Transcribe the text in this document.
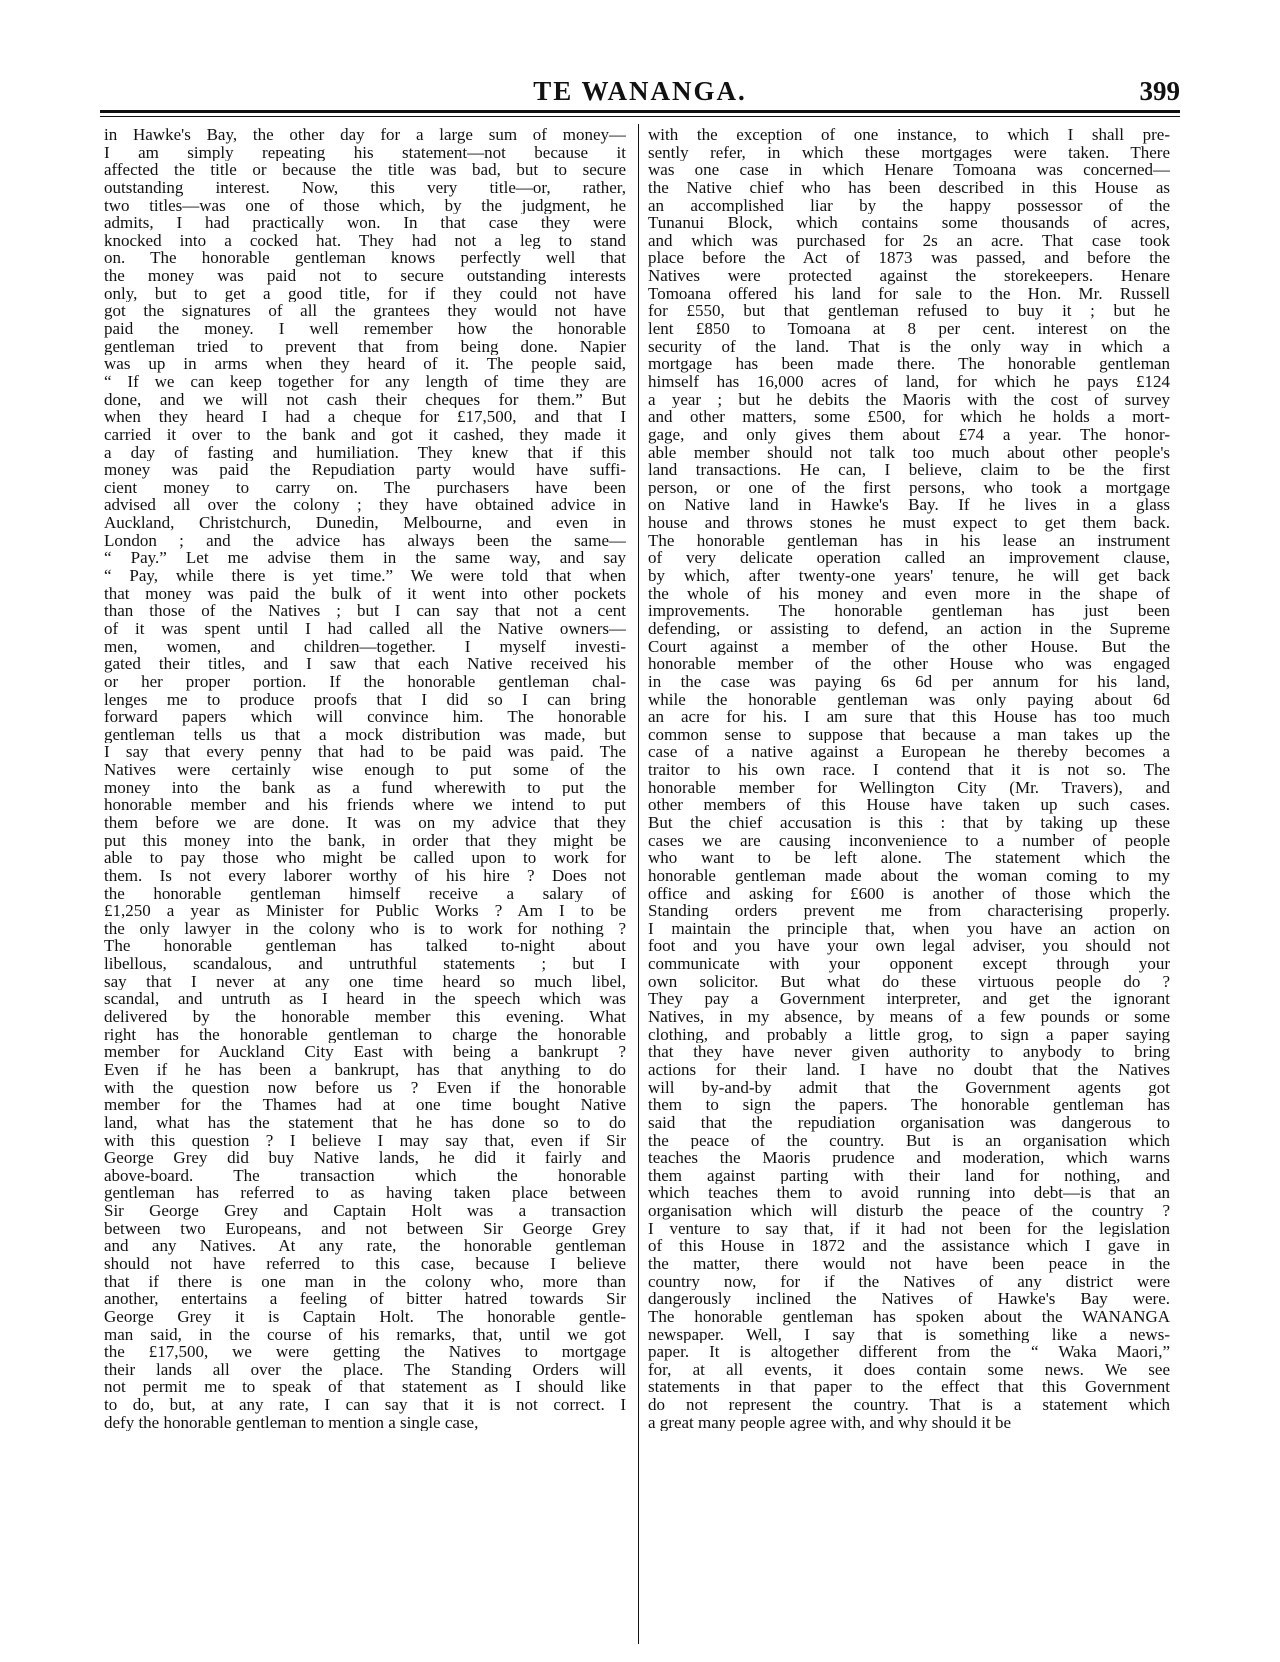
TE WANANGA.	399
in Hawke's Bay, the other day for a large sum of money—
I am simply repeating his statement—not because it
affected the title or because the title was bad, but to secure
outstanding interest. Now, this very title—or, rather,
two titles—was one of those which, by the judgment, he
admits, I had practically won. In that case they were
knocked into a cocked hat. They had not a leg to stand
on. The honorable gentleman knows perfectly well that
the money was paid not to secure outstanding interests
only, but to get a good title, for if they could not have
got the signatures of all the grantees they would not have
paid the money. I well remember how the honorable
gentleman tried to prevent that from being done. Napier
was up in arms when they heard of it. The people said,
“ If we can keep together for any length of time they are
done, and we will not cash their cheques for them.” But
when they heard I had a cheque for £17,500, and that I
carried it over to the bank and got it cashed, they made it
a day of fasting and humiliation. They knew that if this
money was paid the Repudiation party would have suffi-
cient money to carry on. The purchasers have been
advised all over the colony ; they have obtained advice in
Auckland, Christchurch, Dunedin, Melbourne, and even in
London ; and the advice has always been the same—
“ Pay.” Let me advise them in the same way, and say
“ Pay, while there is yet time.” We were told that when
that money was paid the bulk of it went into other pockets
than those of the Natives ; but I can say that not a cent
of it was spent until I had called all the Native owners—
men, women, and children—together. I myself investi-
gated their titles, and I saw that each Native received his
or her proper portion. If the honorable gentleman chal-
lenges me to produce proofs that I did so I can bring
forward papers which will convince him. The honorable
gentleman tells us that a mock distribution was made, but
I say that every penny that had to be paid was paid. The
Natives were certainly wise enough to put some of the
money into the bank as a fund wherewith to put the
honorable member and his friends where we intend to put
them before we are done. It was on my advice that they
put this money into the bank, in order that they might be
able to pay those who might be called upon to work for
them. Is not every laborer worthy of his hire ? Does not
the honorable gentleman himself receive a salary of
£1,250 a year as Minister for Public Works ? Am I to be
the only lawyer in the colony who is to work for nothing ?
The honorable gentleman has talked to-night about
libellous, scandalous, and untruthful statements ; but I
say that I never at any one time heard so much libel,
scandal, and untruth as I heard in the speech which was
delivered by the honorable member this evening. What
right has the honorable gentleman to charge the honorable
member for Auckland City East with being a bankrupt ?
Even if he has been a bankrupt, has that anything to do
with the question now before us ? Even if the honorable
member for the Thames had at one time bought Native
land, what has the statement that he has done so to do
with this question ? I believe I may say that, even if Sir
George Grey did buy Native lands, he did it fairly and
above-board. The transaction which the honorable
gentleman has referred to as having taken place between
Sir George Grey and Captain Holt was a transaction
between two Europeans, and not between Sir George Grey
and any Natives. At any rate, the honorable gentleman
should not have referred to this case, because I believe
that if there is one man in the colony who, more than
another, entertains a feeling of bitter hatred towards Sir
George Grey it is Captain Holt. The honorable gentle-
man said, in the course of his remarks, that, until we got
the £17,500, we were getting the Natives to mortgage
their lands all over the place. The Standing Orders will
not permit me to speak of that statement as I should like
to do, but, at any rate, I can say that it is not correct. I
defy the honorable gentleman to mention a single case,
with the exception of one instance, to which I shall pre-
sently refer, in which these mortgages were taken. There
was one case in which Henare Tomoana was concerned—
the Native chief who has been described in this House as
an accomplished liar by the happy possessor of the
Tunanui Block, which contains some thousands of acres,
and which was purchased for 2s an acre. That case took
place before the Act of 1873 was passed, and before the
Natives were protected against the storekeepers. Henare
Tomoana offered his land for sale to the Hon. Mr. Russell
for £550, but that gentleman refused to buy it ; but he
lent £850 to Tomoana at 8 per cent. interest on the
security of the land. That is the only way in which a
mortgage has been made there. The honorable gentleman
himself has 16,000 acres of land, for which he pays £124
a year ; but he debits the Maoris with the cost of survey
and other matters, some £500, for which he holds a mort-
gage, and only gives them about £74 a year. The honor-
able member should not talk too much about other people's
land transactions. He can, I believe, claim to be the first
person, or one of the first persons, who took a mortgage
on Native land in Hawke's Bay. If he lives in a glass
house and throws stones he must expect to get them back.
The honorable gentleman has in his lease an instrument
of very delicate operation called an improvement clause,
by which, after twenty-one years' tenure, he will get back
the whole of his money and even more in the shape of
improvements. The honorable gentleman has just been
defending, or assisting to defend, an action in the Supreme
Court against a member of the other House. But the
honorable member of the other House who was engaged
in the case was paying 6s 6d per annum for his land,
while the honorable gentleman was only paying about 6d
an acre for his. I am sure that this House has too much
common sense to suppose that because a man takes up the
case of a native against a European he thereby becomes a
traitor to his own race. I contend that it is not so. The
honorable member for Wellington City (Mr. Travers), and
other members of this House have taken up such cases.
But the chief accusation is this : that by taking up these
cases we are causing inconvenience to a number of people
who want to be left alone. The statement which the
honorable gentleman made about the woman coming to my
office and asking for £600 is another of those which the
Standing orders prevent me from characterising properly.
I maintain the principle that, when you have an action on
foot and you have your own legal adviser, you should not
communicate with your opponent except through your
own solicitor. But what do these virtuous people do ?
They pay a Government interpreter, and get the ignorant
Natives, in my absence, by means of a few pounds or some
clothing, and probably a little grog, to sign a paper saying
that they have never given authority to anybody to bring
actions for their land. I have no doubt that the Natives
will by-and-by admit that the Government agents got
them to sign the papers. The honorable gentleman has
said that the repudiation organisation was dangerous to
the peace of the country. But is an organisation which
teaches the Maoris prudence and moderation, which warns
them against parting with their land for nothing, and
which teaches them to avoid running into debt—is that an
organisation which will disturb the peace of the country ?
I venture to say that, if it had not been for the legislation
of this House in 1872 and the assistance which I gave in
the matter, there would not have been peace in the
country now, for if the Natives of any district were
dangerously inclined the Natives of Hawke's Bay were.
The honorable gentleman has spoken about the WANANGA
newspaper. Well, I say that is something like a news-
paper. It is altogether different from the “ Waka Maori,”
for, at all events, it does contain some news. We see
statements in that paper to the effect that this Government
do not represent the country. That is a statement which
a great many people agree with, and why should it be
